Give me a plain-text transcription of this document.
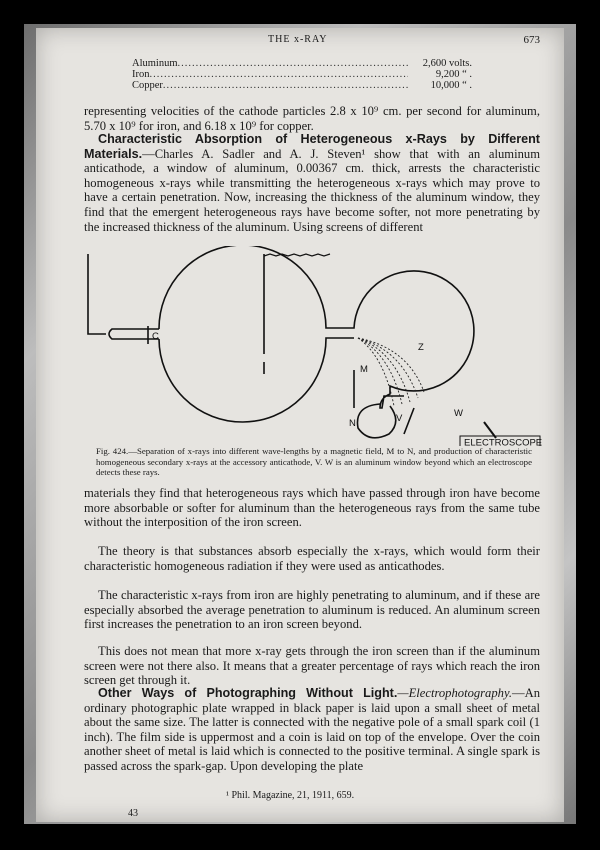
THE x-RAY	673
Aluminum .....	2,600 volts.
Iron .....	9,200 “ .
Copper .....	10,000 “ .
representing velocities of the cathode particles 2.8 x 10⁹ cm. per second for aluminum, 5.70 x 10⁹ for iron, and 6.18 x 10⁹ for copper.
Characteristic Absorption of Heterogeneous x-Rays by Different Materials.—Charles A. Sadler and A. J. Steven¹ show that with an aluminum anticathode, a window of aluminum, 0.00367 cm. thick, arrests the characteristic homogeneous x-rays while transmitting the heterogeneous x-rays which may prove to have a certain penetration. Now, increasing the thickness of the aluminum window, they find that the emergent heterogeneous rays have become softer, not more penetrating by the increased thickness of the aluminum. Using screens of different
C
M
N
Z
V	W
ELECTROSCOPE
Fig. 424.—Separation of x-rays into different wave-lengths by a magnetic field, M to N, and production of characteristic homogeneous secondary x-rays at the accessory anticathode, V. W is an aluminum window beyond which an electroscope detects these rays.
materials they find that heterogeneous rays which have passed through iron have become more absorbable or softer for aluminum than the heterogeneous rays from the same tube without the interposition of the iron screen.
The theory is that substances absorb especially the x-rays, which would form their characteristic homogeneous radiation if they were used as anticathodes.
The characteristic x-rays from iron are highly penetrating to aluminum, and if these are especially absorbed the average penetration to aluminum is reduced. An aluminum screen first increases the penetration to an iron screen beyond.
This does not mean that more x-ray gets through the iron screen than if the aluminum screen were not there also. It means that a greater percentage of rays which reach the iron screen get through it.
Other Ways of Photographing Without Light.—Electrophotography.—An ordinary photographic plate wrapped in black paper is laid upon a small sheet of metal about the same size. The latter is connected with the negative pole of a small spark coil (1 inch). The film side is uppermost and a coin is laid on top of the envelope. Over the coin another sheet of metal is laid which is connected to the positive terminal. A single spark is passed across the spark-gap. Upon developing the plate
¹ Phil. Magazine, 21, 1911, 659.
43
